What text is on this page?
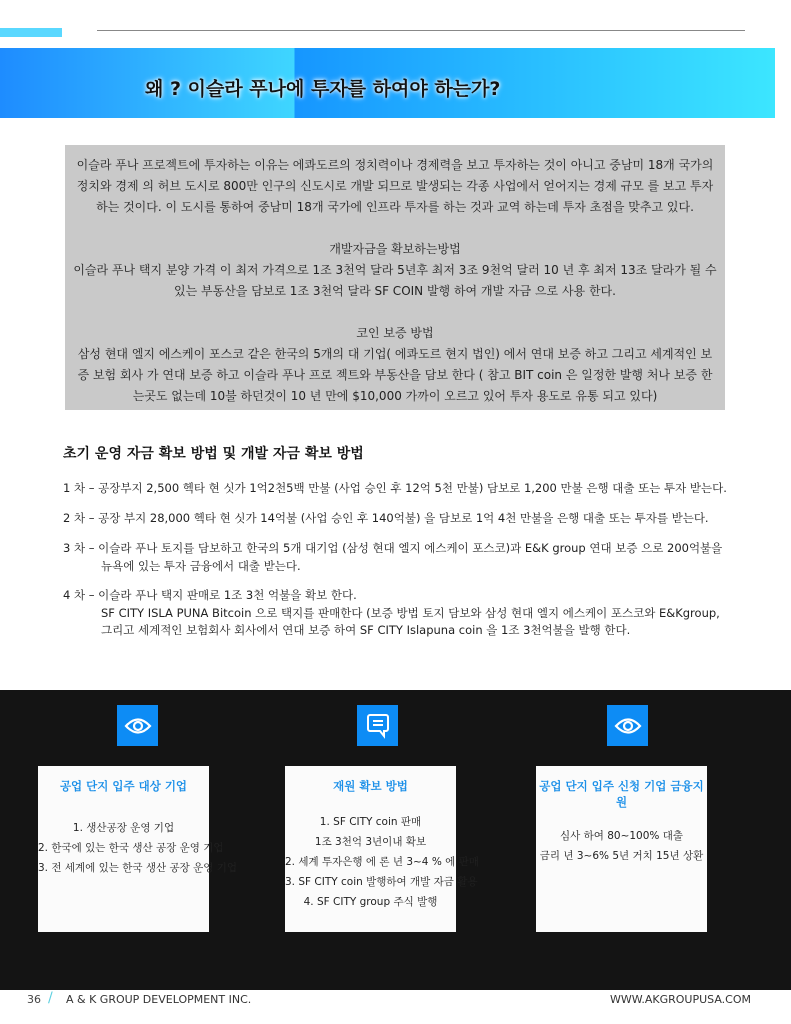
왜 ? 이슬라 푸나에 투자를 하여야 하는가?

이슬라 푸나 프로젝트에 투자하는 이유는 에콰도르의 정치력이나 경제력을 보고 투자하는 것이 아니고 중남미 18개 국가의 정치와 경제 의 허브 도시로 800만 인구의 신도시로 개발 되므로 발생되는 각종 사업에서 얻어지는 경제 규모 를 보고 투자 하는 것이다. 이 도시를 통하여 중남미 18개 국가에 인프라 투자를 하는 것과 교역 하는데 투자 초점을 맞추고 있다.

개발자금을 확보하는방법
이슬라 푸나 택지 분양 가격 이 최저 가격으로 1조 3천억 달라 5년후 최저 3조 9천억 달러 10 년 후 최저 13조 달라가 될 수 있는 부동산을 담보로 1조 3천억 달라 SF COIN 발행 하여 개발 자금 으로 사용 한다.

코인 보증 방법
삼성 현대 엘지 에스케이 포스코 같은 한국의 5개의 대 기업( 에콰도르 현지 법인) 에서 연대 보증 하고 그리고 세계적인 보증 보험 회사 가 연대 보증 하고 이슬라 푸나 프로 젝트와 부동산을 담보 한다 ( 참고 BIT coin 은 일정한 발행 처나 보증 한는곳도 없는데 10불 하던것이 10 년 만에 $10,000 가까이 오르고 있어 투자 용도로 유통 되고 있다)

초기 운영 자금 확보 방법 및 개발 자금 확보 방법
1 차 – 공장부지 2,500 헥타 현 싯가 1억2천5백 만불 (사업 승인 후 12억 5천 만불) 담보로 1,200 만불 은행 대출 또는 투자 받는다.
2 차 – 공장 부지 28,000 헥타 현 싯가 14억불 (사업 승인 후 140억불) 을 담보로 1억 4천 만불을 은행 대출 또는 투자를 받는다.
3 차 – 이슬라 푸나 토지를 담보하고 한국의 5개 대기업 (삼성 현대 엘지 에스케이 포스코)과 E&K group 연대 보증 으로 200억불을
뉴욕에 있는 투자 금융에서 대출 받는다.
4 차 – 이슬라 푸나 택지 판매로 1조 3천 억불을 확보 한다.
SF CITY ISLA PUNA Bitcoin 으로 택지를 판매한다 (보증 방법 토지 담보와 삼성 현대 엘지 에스케이 포스코와 E&Kgroup,
그리고 세계적인 보험회사 회사에서 연대 보증 하여 SF CITY Islapuna coin 을 1조 3천억불을 발행 한다.
공업 단지 입주 대상 기업
1. 생산공장 운영 기업
2. 한국에 있는 한국 생산 공장 운영 기업
3. 전 세계에 있는 한국 생산 공장 운영 기업
재원 확보 방법
1. SF CITY coin 판매
1조 3천억 3년이내 확보
2. 세계 투자은행 에 론 년 3~4 % 에 판매
3. SF CITY coin 발행하여 개발 자금 활용
4. SF CITY group 주식 발행
공업 단지 입주 신청 기업 금융지원
심사 하여 80~100% 대출
금리 년 3~6% 5년 거치 15년 상환
36 / A & K GROUP DEVELOPMENT INC.	WWW.AKGROUPUSA.COM
